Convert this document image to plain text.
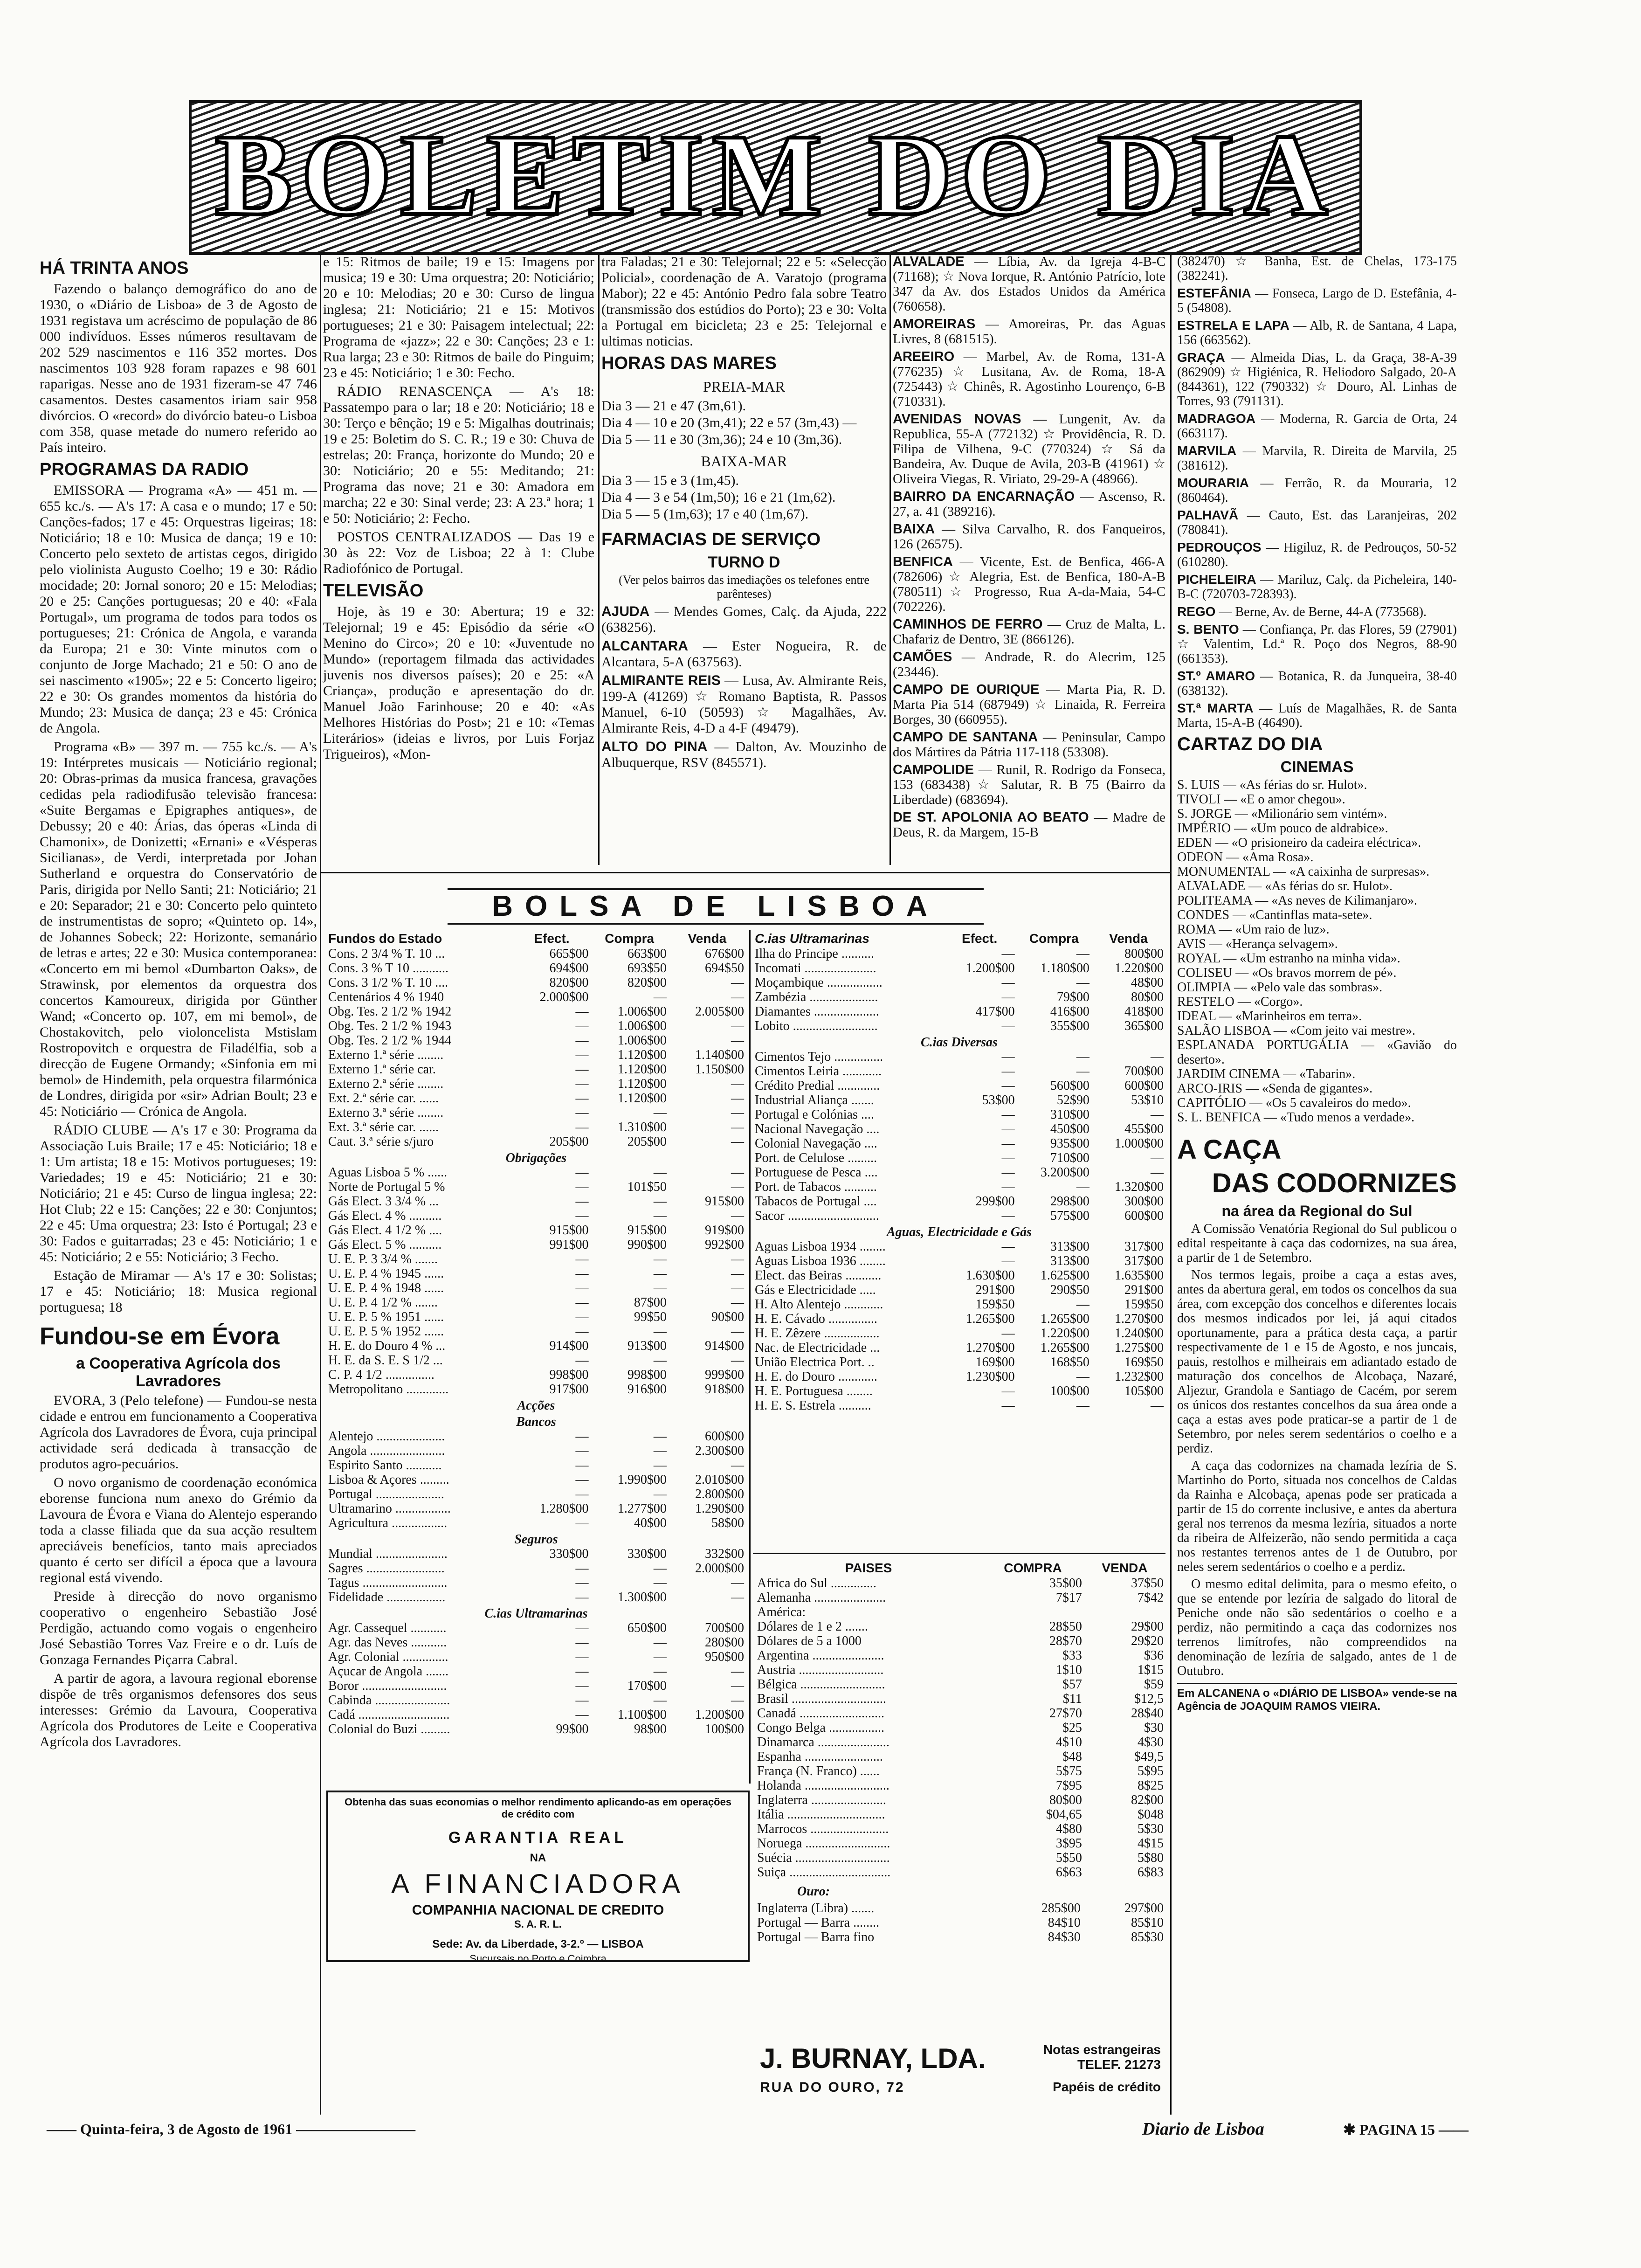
BOLETIM DO DIA
HÁ TRINTA ANOS

Fazendo o balanço demográfico do ano de 1930, o «Diário de Lisboa» de 3 de Agosto de 1931 registava um acréscimo de população de 86 000 indivíduos. Esses números resultavam de 202 529 nascimentos e 116 352 mortes. Dos nascimentos 103 928 foram rapazes e 98 601 raparigas. Nesse ano de 1931 fizeram-se 47 746 casamentos. Destes casamentos iriam sair 958 divórcios. O «record» do divórcio bateu-o Lisboa com 358, quase metade do numero referido ao País inteiro.

PROGRAMAS DA RADIO

EMISSORA — Programa «A» — 451 m. — 655 kc./s. — A's 17: A casa e o mundo; 17 e 50: Canções-fados; 17 e 45: Orquestras ligeiras; 18: Noticiário; 18 e 10: Musica de dança; 19 e 10: Concerto pelo sexteto de artistas cegos, dirigido pelo violinista Augusto Coelho; 19 e 30: Rádio mocidade; 20: Jornal sonoro; 20 e 15: Melodias; 20 e 25: Canções portuguesas; 20 e 40: «Fala Portugal», um programa de todos para todos os portugueses; 21: Crónica de Angola, e varanda da Europa; 21 e 30: Vinte minutos com o conjunto de Jorge Machado; 21 e 50: O ano de sei nascimento «1905»; 22 e 5: Concerto ligeiro; 22 e 30: Os grandes momentos da história do Mundo; 23: Musica de dança; 23 e 45: Crónica de Angola.

Programa «B» — 397 m. — 755 kc./s. — A's 19: Intérpretes musicais — Noticiário regional; 20: Obras-primas da musica francesa, gravações cedidas pela radiodifusão televisão francesa: «Suite Bergamas e Epigraphes antiques», de Debussy; 20 e 40: Árias, das óperas «Linda di Chamonix», de Donizetti; «Ernani» e «Vésperas Sicilianas», de Verdi, interpretada por Johan Sutherland e orquestra do Conservatório de Paris, dirigida por Nello Santi; 21: Noticiário; 21 e 20: Separador; 21 e 30: Concerto pelo quinteto de instrumentistas de sopro; «Quinteto op. 14», de Johannes Sobeck; 22: Horizonte, semanário de letras e artes; 22 e 30: Musica contemporanea: «Concerto em mi bemol «Dumbarton Oaks», de Strawinsk, por elementos da orquestra dos concertos Kamoureux, dirigida por Günther Wand; «Concerto op. 107, em mi bemol», de Chostakovitch, pelo violoncelista Mstislam Rostropovitch e orquestra de Filadélfia, sob a direcção de Eugene Ormandy; «Sinfonia em mi bemol» de Hindemith, pela orquestra filarmónica de Londres, dirigida por «sir» Adrian Boult; 23 e 45: Noticiário — Crónica de Angola.

RÁDIO CLUBE — A's 17 e 30: Programa da Associação Luis Braile; 17 e 45: Noticiário; 18 e 1: Um artista; 18 e 15: Motivos portugueses; 19: Variedades; 19 e 45: Noticiário; 21 e 30: Noticiário; 21 e 45: Curso de lingua inglesa; 22: Hot Club; 22 e 15: Canções; 22 e 30: Conjuntos; 22 e 45: Uma orquestra; 23: Isto é Portugal; 23 e 30: Fados e guitarradas; 23 e 45: Noticiário; 1 e 45: Noticiário; 2 e 55: Noticiário; 3 Fecho.

Estação de Miramar — A's 17 e 30: Solistas; 17 e 45: Noticiário; 18: Musica regional portuguesa; 18

Fundou-se em Évora
a Cooperativa Agrícola dos Lavradores

EVORA, 3 (Pelo telefone) — Fundou-se nesta cidade e entrou em funcionamento a Cooperativa Agrícola dos Lavradores de Évora, cuja principal actividade será dedicada à transacção de produtos agro-pecuários.

O novo organismo de coordenação económica eborense funciona num anexo do Grémio da Lavoura de Évora e Viana do Alentejo esperando toda a classe filiada que da sua acção resultem apreciáveis benefícios, tanto mais apreciados quanto é certo ser difícil a época que a lavoura regional está vivendo.

Preside à direcção do novo organismo cooperativo o engenheiro Sebastião José Perdigão, actuando como vogais o engenheiro José Sebastião Torres Vaz Freire e o dr. Luís de Gonzaga Fernandes Piçarra Cabral.

A partir de agora, a lavoura regional eborense dispõe de três organismos defensores dos seus interesses: Grémio da Lavoura, Cooperativa Agrícola dos Produtores de Leite e Cooperativa Agrícola dos Lavradores.

e 15: Ritmos de baile; 19 e 15: Imagens por musica; 19 e 30: Uma orquestra; 20: Noticiário; 20 e 10: Melodias; 20 e 30: Curso de lingua inglesa; 21: Noticiário; 21 e 15: Motivos portugueses; 21 e 30: Paisagem intelectual; 22: Programa de «jazz»; 22 e 30: Canções; 23 e 1: Rua larga; 23 e 30: Ritmos de baile do Pinguim; 23 e 45: Noticiário; 1 e 30: Fecho.

RÁDIO RENASCENÇA — A's 18: Passatempo para o lar; 18 e 20: Noticiário; 18 e 30: Terço e bênção; 19 e 5: Migalhas doutrinais; 19 e 25: Boletim do S. C. R.; 19 e 30: Chuva de estrelas; 20: França, horizonte do Mundo; 20 e 30: Noticiário; 20 e 55: Meditando; 21: Programa das nove; 21 e 30: Amadora em marcha; 22 e 30: Sinal verde; 23: A 23.ª hora; 1 e 50: Noticiário; 2: Fecho.

POSTOS CENTRALIZADOS — Das 19 e 30 às 22: Voz de Lisboa; 22 à 1: Clube Radiofónico de Portugal.

TELEVISÃO

Hoje, às 19 e 30: Abertura; 19 e 32: Telejornal; 19 e 45: Episódio da série «O Menino do Circo»; 20 e 10: «Juventude no Mundo» (reportagem filmada das actividades juvenis nos diversos países); 20 e 25: «A Criança», produção e apresentação do dr. Manuel João Farinhouse; 20 e 40: «As Melhores Histórias do Post»; 21 e 10: «Temas Literários» (ideias e livros, por Luis Forjaz Trigueiros), «Mon-

tra Faladas; 21 e 30: Telejornal; 22 e 5: «Selecção Policial», coordenação de A. Varatojo (programa Mabor); 22 e 45: António Pedro fala sobre Teatro (transmissão dos estúdios do Porto); 23 e 30: Volta a Portugal em bicicleta; 23 e 25: Telejornal e ultimas noticias.

HORAS DAS MARES
PREIA-MAR
Dia 3 — 21 e 47 (3m,61).
Dia 4 — 10 e 20 (3m,41); 22 e 57 (3m,43) —
Dia 5 — 11 e 30 (3m,36); 24 e 10 (3m,36).
BAIXA-MAR
Dia 3 — 15 e 3 (1m,45).
Dia 4 — 3 e 54 (1m,50); 16 e 21 (1m,62).
Dia 5 — 5 (1m,63); 17 e 40 (1m,67).
FARMACIAS DE SERVIÇO
TURNO D
(Ver pelos bairros das imediações os telefones entre parênteses)

AJUDA — Mendes Gomes, Calç. da Ajuda, 222 (638256).

ALCANTARA — Ester Nogueira, R. de Alcantara, 5-A (637563).

ALMIRANTE REIS — Lusa, Av. Almirante Reis, 199-A (41269) ☆ Romano Baptista, R. Passos Manuel, 6-10 (50593) ☆ Magalhães, Av. Almirante Reis, 4-D a 4-F (49479).

ALTO DO PINA — Dalton, Av. Mouzinho de Albuquerque, RSV (845571).

ALVALADE — Líbia, Av. da Igreja 4-B-C (71168); ☆ Nova Iorque, R. António Patrício, lote 347 da Av. dos Estados Unidos da América (760658).

AMOREIRAS — Amoreiras, Pr. das Aguas Livres, 8 (681515).

AREEIRO — Marbel, Av. de Roma, 131-A (776235) ☆ Lusitana, Av. de Roma, 18-A (725443) ☆ Chinês, R. Agostinho Lourenço, 6-B (710331).

AVENIDAS NOVAS — Lungenit, Av. da Republica, 55-A (772132) ☆ Providência, R. D. Filipa de Vilhena, 9-C (770324) ☆ Sá da Bandeira, Av. Duque de Avila, 203-B (41961) ☆ Oliveira Viegas, R. Viriato, 29-29-A (48966).

BAIRRO DA ENCARNAÇÃO — Ascenso, R. 27, a. 41 (389216).

BAIXA — Silva Carvalho, R. dos Fanqueiros, 126 (26575).

BENFICA — Vicente, Est. de Benfica, 466-A (782606) ☆ Alegria, Est. de Benfica, 180-A-B (780511) ☆ Progresso, Rua A-da-Maia, 54-C (702226).

CAMINHOS DE FERRO — Cruz de Malta, L. Chafariz de Dentro, 3E (866126).

CAMÕES — Andrade, R. do Alecrim, 125 (23446).

CAMPO DE OURIQUE — Marta Pia, R. D. Marta Pia 514 (687949) ☆ Linaida, R. Ferreira Borges, 30 (660955).

CAMPO DE SANTANA — Peninsular, Campo dos Mártires da Pátria 117-118 (53308).

CAMPOLIDE — Runil, R. Rodrigo da Fonseca, 153 (683438) ☆ Salutar, R. B 75 (Bairro da Liberdade) (683694).

DE ST. APOLONIA AO BEATO — Madre de Deus, R. da Margem, 15-B

(382470) ☆ Banha, Est. de Chelas, 173-175 (382241).

ESTEFÂNIA — Fonseca, Largo de D. Estefânia, 4-5 (54808).

ESTRELA E LAPA — Alb, R. de Santana, 4 Lapa, 156 (663562).

GRAÇA — Almeida Dias, L. da Graça, 38-A-39 (862909) ☆ Higiénica, R. Heliodoro Salgado, 20-A (844361), 122 (790332) ☆ Douro, Al. Linhas de Torres, 93 (791131).

MADRAGOA — Moderna, R. Garcia de Orta, 24 (663117).

MARVILA — Marvila, R. Direita de Marvila, 25 (381612).

MOURARIA — Ferrão, R. da Mouraria, 12 (860464).

PALHAVÃ — Cauto, Est. das Laranjeiras, 202 (780841).

PEDROUÇOS — Higiluz, R. de Pedrouços, 50-52 (610280).

PICHELEIRA — Mariluz, Calç. da Picheleira, 140-B-C (720703-728393).

REGO — Berne, Av. de Berne, 44-A (773568).

S. BENTO — Confiança, Pr. das Flores, 59 (27901) ☆ Valentim, Ld.ª R. Poço dos Negros, 88-90 (661353).

ST.º AMARO — Botanica, R. da Junqueira, 38-40 (638132).

ST.ª MARTA — Luís de Magalhães, R. de Santa Marta, 15-A-B (46490).

CARTAZ DO DIA
CINEMAS
S. LUIS — «As férias do sr. Hulot».
TIVOLI — «E o amor chegou».
S. JORGE — «Milionário sem vintém».
IMPÉRIO — «Um pouco de aldrabice».
EDEN — «O prisioneiro da cadeira eléctrica».
ODEON — «Ama Rosa».
MONUMENTAL — «A caixinha de surpresas».
ALVALADE — «As férias do sr. Hulot».
POLITEAMA — «As neves de Kilimanjaro».
CONDES — «Cantinflas mata-sete».
ROMA — «Um raio de luz».
AVIS — «Herança selvagem».
ROYAL — «Um estranho na minha vida».
COLISEU — «Os bravos morrem de pé».
OLIMPIA — «Pelo vale das sombras».
RESTELO — «Corgo».
IDEAL — «Marinheiros em terra».
SALÃO LISBOA — «Com jeito vai mestre».
ESPLANADA PORTUGÁLIA — «Gavião do deserto».
JARDIM CINEMA — «Tabarin».
ARCO-IRIS — «Senda de gigantes».
CAPITÓLIO — «Os 5 cavaleiros do medo».
S. L. BENFICA — «Tudo menos a verdade».
A CAÇA
DAS CODORNIZES
na área da Regional do Sul

A Comissão Venatória Regional do Sul publicou o edital respeitante à caça das codornizes, na sua área, a partir de 1 de Setembro.

Nos termos legais, proibe a caça a estas aves, antes da abertura geral, em todos os concelhos da sua área, com excepção dos concelhos e diferentes locais dos mesmos indicados por lei, já aqui citados oportunamente, para a prática desta caça, a partir respectivamente de 1 e 15 de Agosto, e nos juncais, pauis, restolhos e milheirais em adiantado estado de maturação dos concelhos de Alcobaça, Nazaré, Aljezur, Grandola e Santiago de Cacém, por serem os únicos dos restantes concelhos da sua área onde a caça a estas aves pode praticar-se a partir de 1 de Setembro, por neles serem sedentários o coelho e a perdiz.

A caça das codornizes na chamada lezíria de S. Martinho do Porto, situada nos concelhos de Caldas da Rainha e Alcobaça, apenas pode ser praticada a partir de 15 do corrente inclusive, e antes da abertura geral nos terrenos da mesma lezíria, situados a norte da ribeira de Alfeizerão, não sendo permitida a caça nos restantes terrenos antes de 1 de Outubro, por neles serem sedentários o coelho e a perdiz.

O mesmo edital delimita, para o mesmo efeito, o que se entende por lezíria de salgado do litoral de Peniche onde não são sedentários o coelho e a perdiz, não permitindo a caça das codornizes nos terrenos limítrofes, não compreendidos na denominação de lezíria de salgado, antes de 1 de Outubro.

Em ALCANENA o «DIÁRIO DE LISBOA» vende-se na Agência de JOAQUIM RAMOS VIEIRA.
BOLSA DE LISBOA
Fundos do Estado	Efect.	Compra	Venda
Cons. 2 3/4 % T. 10 ...	665$00	663$00	676$00
Cons. 3 % T 10 ...........	694$00	693$50	694$50
Cons. 3 1/2 % T. 10 ....	820$00	820$00	—
Centenários 4 % 1940	2.000$00	—	—
Obg. Tes. 2 1/2 % 1942	—	1.006$00	2.005$00
Obg. Tes. 2 1/2 % 1943	—	1.006$00	—
Obg. Tes. 2 1/2 % 1944	—	1.006$00	—
Externo 1.ª série ........	—	1.120$00	1.140$00
Externo 1.ª série car.	—	1.120$00	1.150$00
Externo 2.ª série ........	—	1.120$00	—
Ext. 2.ª série car. ......	—	1.120$00	—
Externo 3.ª série ........	—	—	—
Ext. 3.ª série car. ......	—	1.310$00	—
Caut. 3.ª série s/juro	205$00	205$00	—
Obrigações			
Aguas Lisboa 5 % ......	—	—	—
Norte de Portugal 5 %	—	101$50	—
Gás Elect. 3 3/4 % ...	—	—	915$00
Gás Elect. 4 % ..........	—	—	—
Gás Elect. 4 1/2 % ....	915$00	915$00	919$00
Gás Elect. 5 % ..........	991$00	990$00	992$00
U. E. P. 3 3/4 % .......	—	—	—
U. E. P. 4 % 1945 ......	—	—	—
U. E. P. 4 % 1948 ......	—	—	—
U. E. P. 4 1/2 % .......	—	87$00	—
U. E. P. 5 % 1951 ......	—	99$50	90$00
U. E. P. 5 % 1952 ......	—	—	—
H. E. do Douro 4 % ...	914$00	913$00	914$00
H. E. da S. E. S 1/2 ...	—	—	—
C. P. 4 1/2 ...............	998$00	998$00	999$00
Metropolitano .............	917$00	916$00	918$00
Acções			
Bancos			
Alentejo .....................	—	—	600$00
Angola .......................	—	—	2.300$00
Espirito Santo ...........	—	—	—
Lisboa & Açores .........	—	1.990$00	2.010$00
Portugal .....................	—	—	2.800$00
Ultramarino .................	1.280$00	1.277$00	1.290$00
Agricultura .................	—	40$00	58$00
Seguros			
Mundial ......................	330$00	330$00	332$00
Sagres ........................	—	—	2.000$00
Tagus ..........................	—	—	—
Fidelidade ..................	—	1.300$00	—
C.ias Ultramarinas			
Agr. Cassequel ...........	—	650$00	700$00
Agr. das Neves ...........	—	—	280$00
Agr. Colonial ..............	—	—	950$00
Açucar de Angola .......	—	—	—
Boror ..........................	—	170$00	—
Cabinda .......................	—	—	—
Cadá ............................	—	1.100$00	1.200$00
Colonial do Buzi .........	99$00	98$00	100$00
C.ias Ultramarinas	Efect.	Compra	Venda
Ilha do Principe ..........	—	—	800$00
Incomati ......................	1.200$00	1.180$00	1.220$00
Moçambique .................	—	—	48$00
Zambézia .....................	—	79$00	80$00
Diamantes ....................	417$00	416$00	418$00
Lobito ..........................	—	355$00	365$00
C.ias Diversas			
Cimentos Tejo ...............	—	—	—
Cimentos Leiria ............	—	—	700$00
Crédito Predial .............	—	560$00	600$00
Industrial Aliança .......	53$00	52$90	53$10
Portugal e Colónias ....	—	310$00	—
Nacional Navegação ....	—	450$00	455$00
Colonial Navegação ....	—	935$00	1.000$00
Port. de Celulose .........	—	710$00	—
Portuguese de Pesca ....	—	3.200$00	—
Port. de Tabacos ..........	—	—	1.320$00
Tabacos de Portugal ....	299$00	298$00	300$00
Sacor ............................	—	575$00	600$00
Aguas, Electricidade e Gás			
Aguas Lisboa 1934 ........	—	313$00	317$00
Aguas Lisboa 1936 ........	—	313$00	317$00
Elect. das Beiras ...........	1.630$00	1.625$00	1.635$00
Gás e Electricidade .....	291$00	290$50	291$00
H. Alto Alentejo ............	159$50	—	159$50
H. E. Cávado ...............	1.265$00	1.265$00	1.270$00
H. E. Zêzere .................	—	1.220$00	1.240$00
Nac. de Electricidade ...	1.270$00	1.265$00	1.275$00
União Electrica Port. ..	169$00	168$50	169$50
H. E. do Douro ............	1.230$00	—	1.232$00
H. E. Portuguesa ........	—	100$00	105$00
H. E. S. Estrela ..........	—	—	—
PAISES	COMPRA	VENDA
Africa do Sul ..............	35$00	37$50
Alemanha ......................	7$17	7$42
América:		
Dólares de 1 e 2 .......	28$50	29$00
Dólares de 5 a 1000	28$70	29$20
Argentina ......................	$33	$36
Austria ..........................	1$10	1$15
Bélgica ..........................	$57	$59
Brasil .............................	$11	$12,5
Canadá ..........................	27$70	28$40
Congo Belga .................	$25	$30
Dinamarca ......................	4$10	4$30
Espanha ........................	$48	$49,5
França (N. Franco) ......	5$75	5$95
Holanda ..........................	7$95	8$25
Inglaterra .......................	80$00	82$00
Itália ..............................	$04,65	$048
Marrocos ........................	4$80	5$30
Noruega ..........................	3$95	4$15
Suécia .............................	5$50	5$80
Suiça ...............................	6$63	6$83
Ouro:
Inglaterra (Libra) .......	285$00	297$00
Portugal — Barra ........	84$10	85$10
Portugal — Barra fino	84$30	85$30
Obtenha das suas economias o melhor rendimento aplicando-as em operações de crédito com
GARANTIA REAL
NA
A FINANCIADORA
COMPANHIA NACIONAL DE CREDITO
S. A. R. L.
Sede: Av. da Liberdade, 3-2.º — LISBOA
Sucursais no Porto e Coimbra
J. BURNAY, LDA.
RUA DO OURO, 72
Notas estrangeiras
TELEF. 21273
Papéis de crédito
—— Quinta-feira, 3 de Agosto de 1961 ————————	Diario de Lisboa	✱ PAGINA 15 ——
